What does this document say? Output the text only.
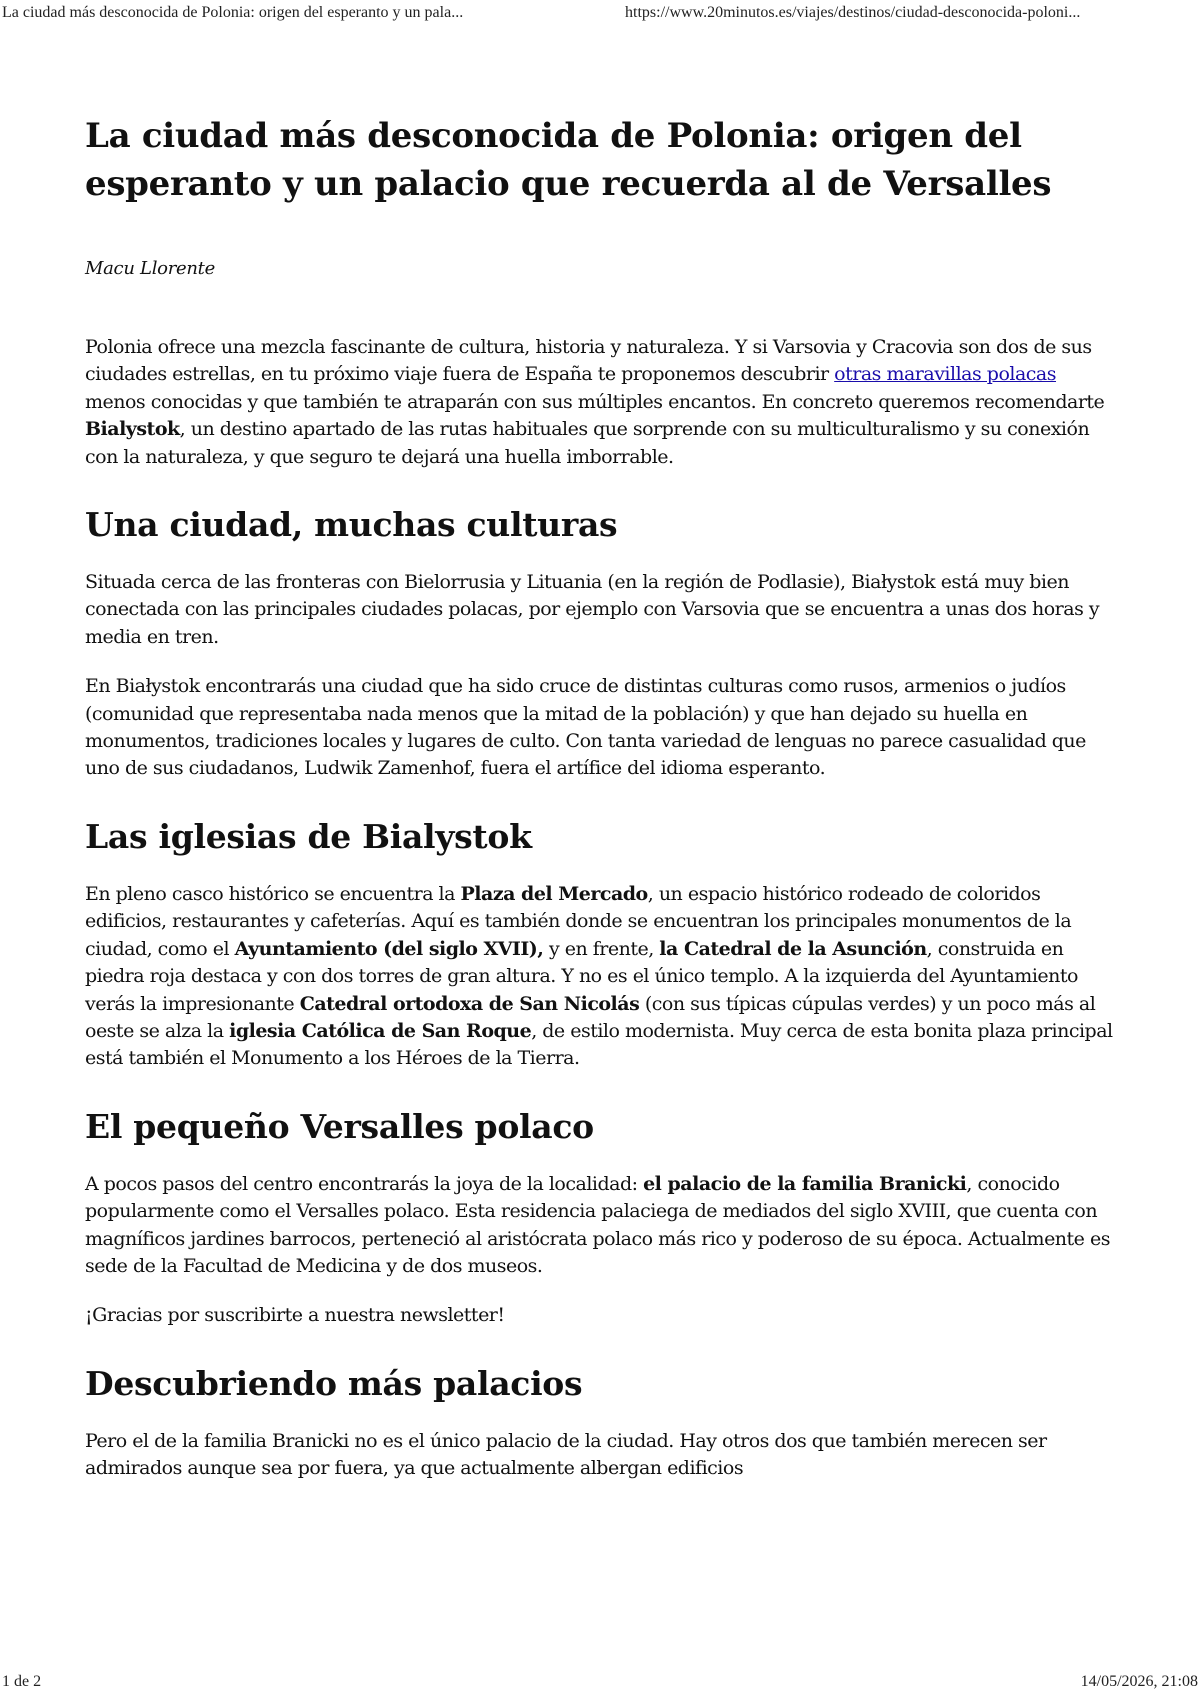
La ciudad más desconocida de Polonia: origen del esperanto y un pala...	https://www.20minutos.es/viajes/destinos/ciudad-desconocida-poloni...
La ciudad más desconocida de Polonia: origen del esperanto y un palacio que recuerda al de Versalles
Macu Llorente

Polonia ofrece una mezcla fascinante de cultura, historia y naturaleza. Y si Varsovia y Cracovia son dos de sus ciudades estrellas, en tu próximo viaje fuera de España te proponemos descubrir otras maravillas polacas menos conocidas y que también te atraparán con sus múltiples encantos. En concreto queremos recomendarte Bialystok, un destino apartado de las rutas habituales que sorprende con su multiculturalismo y su conexión con la naturaleza, y que seguro te dejará una huella imborrable.

Una ciudad, muchas culturas

Situada cerca de las fronteras con Bielorrusia y Lituania (en la región de Podlasie), Białystok está muy bien conectada con las principales ciudades polacas, por ejemplo con Varsovia que se encuentra a unas dos horas y media en tren.

En Białystok encontrarás una ciudad que ha sido cruce de distintas culturas como rusos, armenios o judíos (comunidad que representaba nada menos que la mitad de la población) y que han dejado su huella en monumentos, tradiciones locales y lugares de culto. Con tanta variedad de lenguas no parece casualidad que uno de sus ciudadanos, Ludwik Zamenhof, fuera el artífice del idioma esperanto.

Las iglesias de Bialystok

En pleno casco histórico se encuentra la Plaza del Mercado, un espacio histórico rodeado de coloridos edificios, restaurantes y cafeterías. Aquí es también donde se encuentran los principales monumentos de la ciudad, como el Ayuntamiento (del siglo XVII), y en frente, la Catedral de la Asunción, construida en piedra roja destaca y con dos torres de gran altura. Y no es el único templo. A la izquierda del Ayuntamiento verás la impresionante Catedral ortodoxa de San Nicolás (con sus típicas cúpulas verdes) y un poco más al oeste se alza la iglesia Católica de San Roque, de estilo modernista. Muy cerca de esta bonita plaza principal está también el Monumento a los Héroes de la Tierra.

El pequeño Versalles polaco

A pocos pasos del centro encontrarás la joya de la localidad: el palacio de la familia Branicki, conocido popularmente como el Versalles polaco. Esta residencia palaciega de mediados del siglo XVIII, que cuenta con magníficos jardines barrocos, perteneció al aristócrata polaco más rico y poderoso de su época. Actualmente es sede de la Facultad de Medicina y de dos museos.

¡Gracias por suscribirte a nuestra newsletter!

Descubriendo más palacios

Pero el de la familia Branicki no es el único palacio de la ciudad. Hay otros dos que también merecen ser admirados aunque sea por fuera, ya que actualmente albergan edificios

1 de 2	14/05/2026, 21:08
